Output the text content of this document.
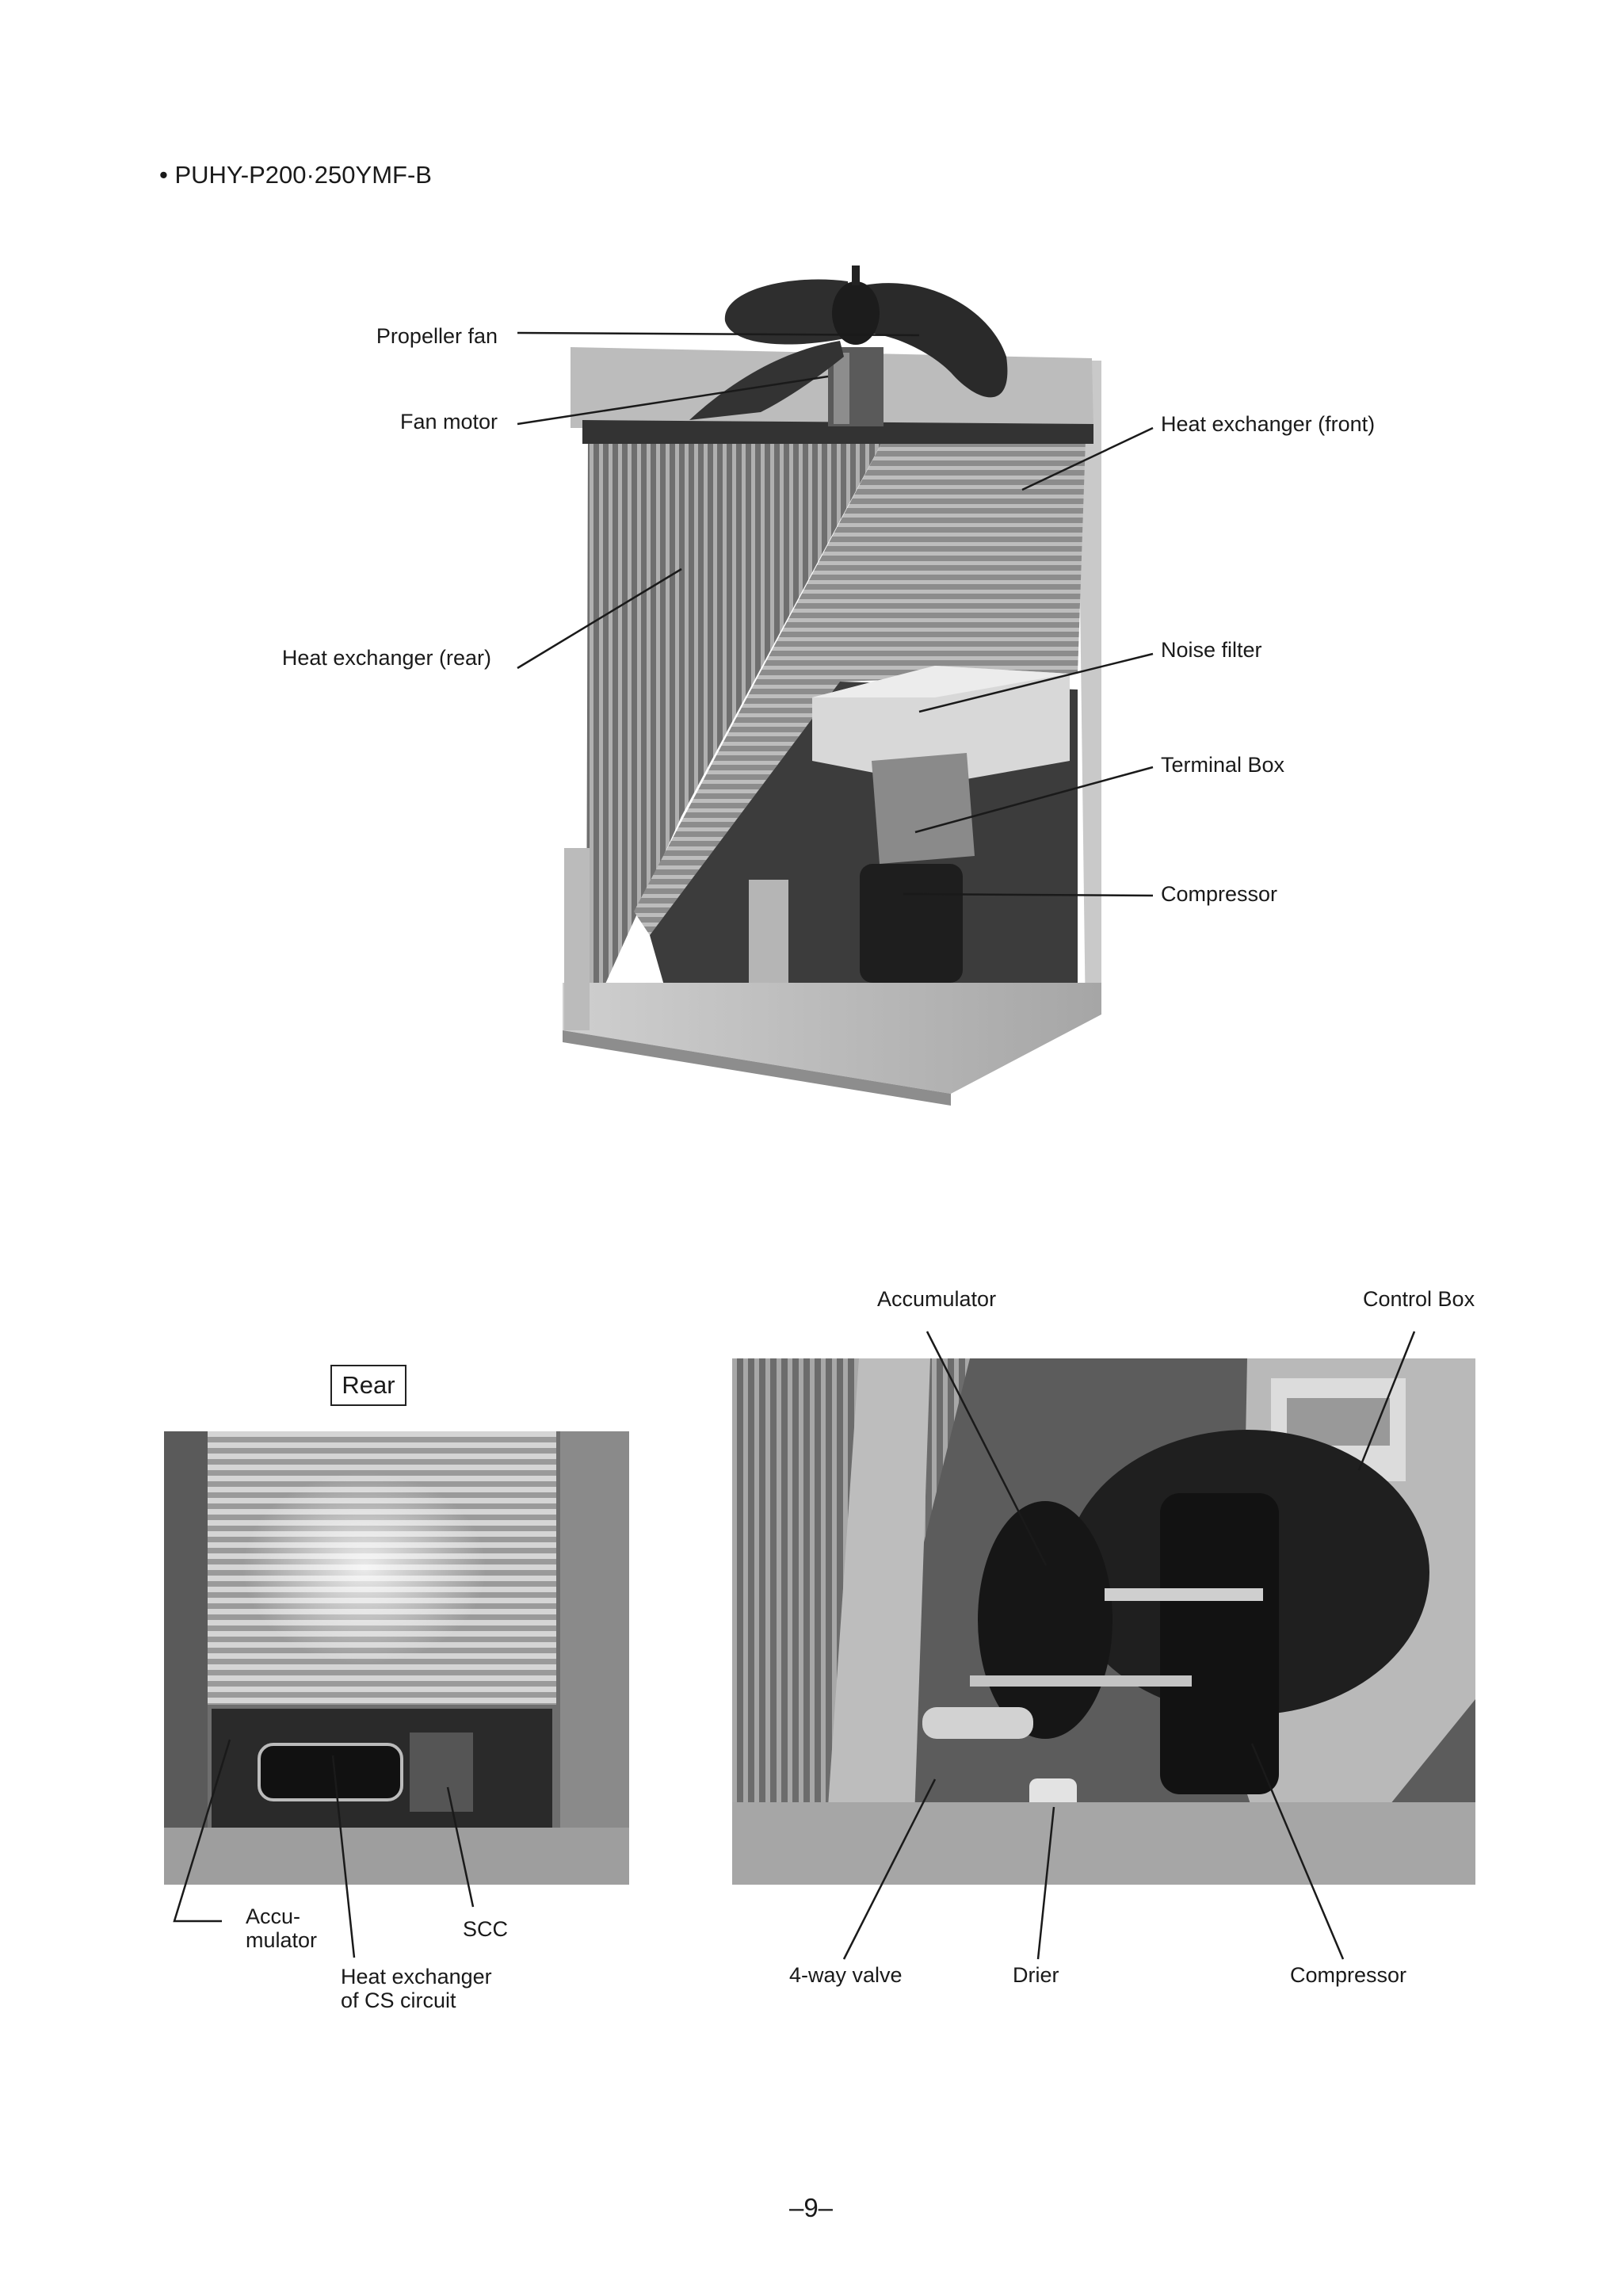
• PUHY-P200·250YMF-B
Rear
Propeller fan
Fan motor	Heat exchanger (front)
Heat exchanger (rear)	Noise filter
Terminal Box
Compressor
Accu-
mulator	SCC
Heat exchanger
of CS circuit
Accumulator	Control Box
4-way valve	Drier	Compressor
–9–
